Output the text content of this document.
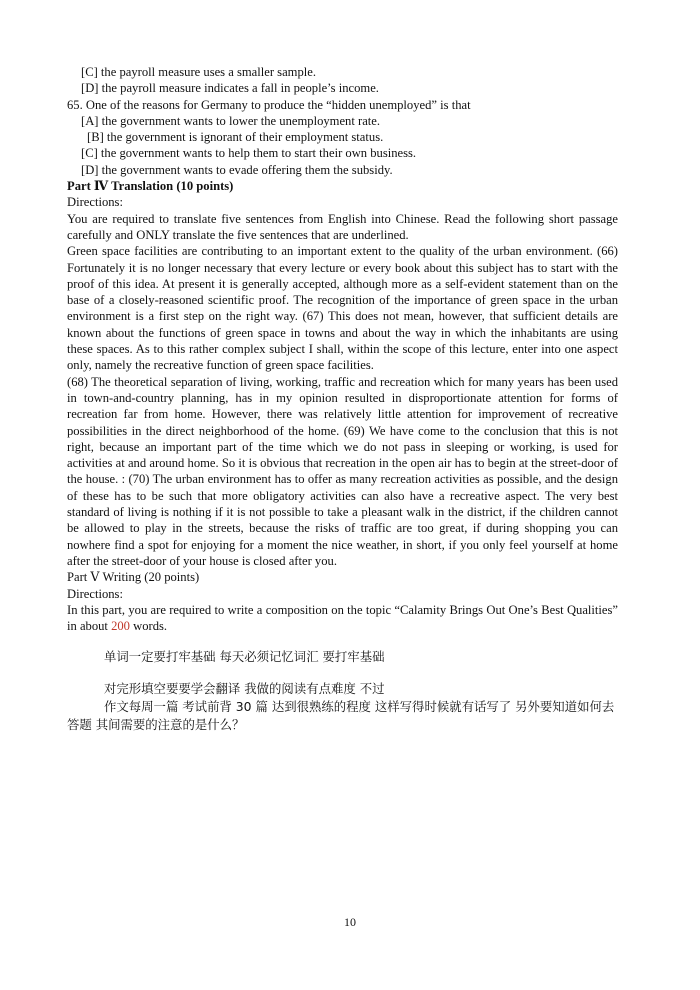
[C] the payroll measure uses a smaller sample.
[D] the payroll measure indicates a fall in people’s income.
65. One of the reasons for Germany to produce the “hidden unemployed” is that
[A] the government wants to lower the unemployment rate.
[B] the government is ignorant of their employment status.
[C] the government wants to help them to start their own business.
[D] the government wants to evade offering them the subsidy.
Part Ⅳ Translation (10 points)
Directions:
You are required to translate five sentences from English into Chinese. Read the following short passage carefully and ONLY translate the five sentences that are underlined.
Green space facilities are contributing to an important extent to the quality of the urban environment. (66) Fortunately it is no longer necessary that every lecture or every book about this subject has to start with the proof of this idea. At present it is generally accepted, although more as a self-evident statement than on the base of a closely-reasoned scientific proof. The recognition of the importance of green space in the urban environment is a first step on the right way. (67) This does not mean, however, that sufficient details are known about the functions of green space in towns and about the way in which the inhabitants are using these spaces. As to this rather complex subject I shall, within the scope of this lecture, enter into one aspect only, namely the recreative function of green space facilities.
(68) The theoretical separation of living, working, traffic and recreation which for many years has been used in town-and-country planning, has in my opinion resulted in disproportionate attention for forms of recreation far from home. However, there was relatively little attention for improvement of recreative possibilities in the direct neighborhood of the home. (69) We have come to the conclusion that this is not right, because an important part of the time which we do not pass in sleeping or working, is used for activities at and around home. So it is obvious that recreation in the open air has to begin at the street-door of the house. : (70) The urban environment has to offer as many recreation activities as possible, and the design of these has to be such that more obligatory activities can also have a recreative aspect. The very best standard of living is nothing if it is not possible to take a pleasant walk in the district, if the children cannot be allowed to play in the streets, because the risks of traffic are too great, if during shopping you can nowhere find a spot for enjoying for a moment the nice weather, in short, if you only feel yourself at home after the street-door of your house is closed after you.
Part Ⅴ Writing (20 points)
Directions:
In this part, you are required to write a composition on the topic “Calamity Brings Out One’s Best Qualities” in about 200 words.
单词一定要打牢基础 每天必须记忆词汇 要打牢基础
对完形填空要要学会翻译 我做的阅读有点难度 不过
作文每周一篇 考试前背 30 篇 达到很熟练的程度 这样写得时候就有话写了 另外要知道如何去答题 其间需要的注意的是什么？
10
